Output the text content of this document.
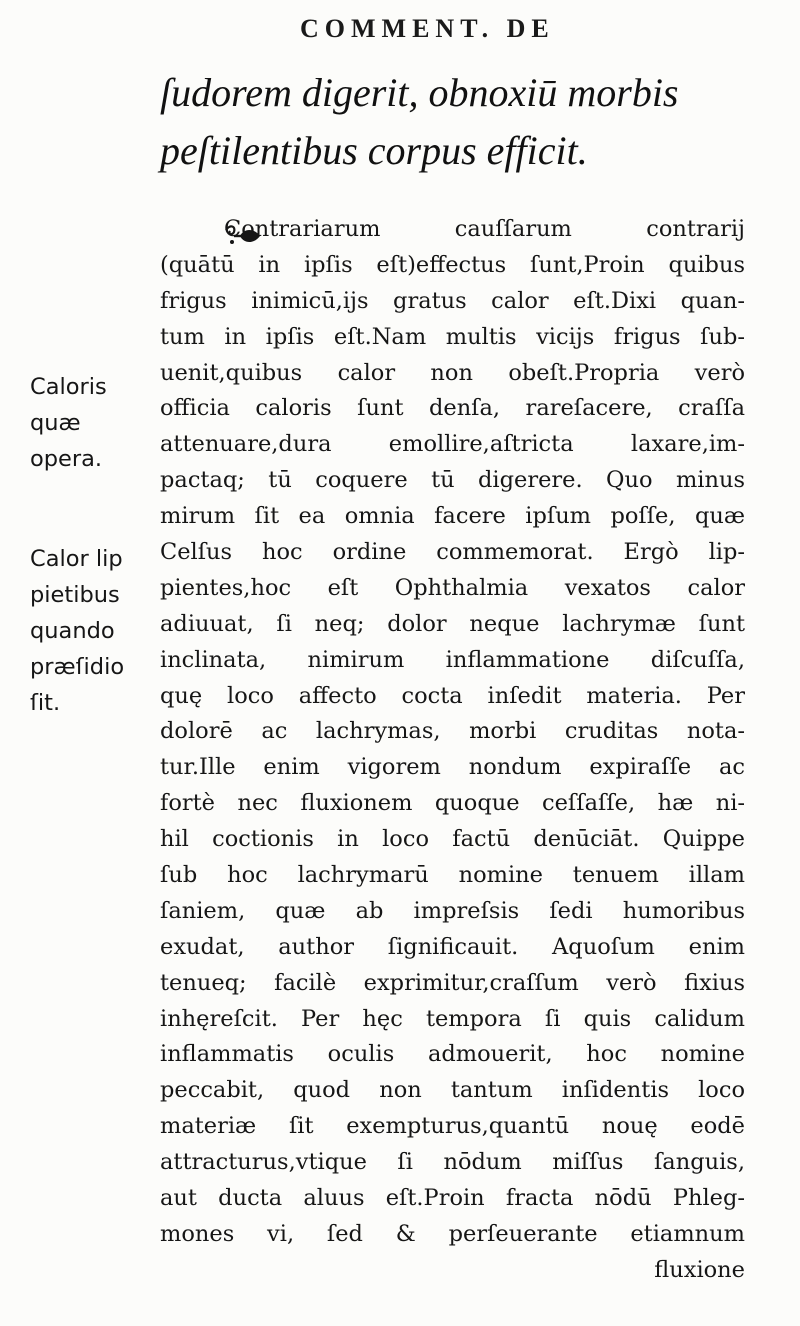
COMMENT. DE
ſudorem digerit, obnoxiū morbis
peſtilentibus corpus efficit.
Contrariarum cauſſarum contrarij
(quātū in ipſis eſt)effectus ſunt,Proin quibus
frigus inimicū,ijs gratus calor eſt.Dixi quan-
tum in ipſis eſt.Nam multis vicijs frigus ſub-
uenit,quibus calor non obeſt.Propria verò
officia caloris ſunt denſa, rareſacere, craſſa
attenuare,dura emollire,aſtricta laxare,im-
pactaq; tū coquere tū digerere. Quo minus
mirum ſit ea omnia facere ipſum poſſe, quæ
Celſus hoc ordine commemorat. Ergò lip-
pientes,hoc eſt Ophthalmia vexatos calor
adiuuat, ſi neq; dolor neque lachrymæ ſunt
inclinata, nimirum inflammatione diſcuſſa,
quę loco affecto cocta inſedit materia. Per
dolorē ac lachrymas, morbi cruditas nota-
tur.Ille enim vigorem nondum expiraſſe ac
fortè nec fluxionem quoque ceſſaſſe, hæ ni-
hil coctionis in loco factū denūciāt. Quippe
ſub hoc lachrymarū nomine tenuem illam
ſaniem, quæ ab impreſsis ſedi humoribus
exudat, author ſignificauit. Aquoſum enim
tenueq; facilè exprimitur,craſſum verò fixius
inhęreſcit. Per hęc tempora ſi quis calidum
inflammatis oculis admouerit, hoc nomine
peccabit, quod non tantum inſidentis loco
materiæ ſit exempturus,quantū nouę eodē
attracturus,vtique ſi nōdum miſſus ſanguis,
aut ducta aluus eſt.Proin fracta nōdū Phleg-
mones vi, ſed & perſeuerante etiamnum
fluxione
Caloris
quæ
opera.
Calor lip
pietibus
quando
præſidio
ſit.
